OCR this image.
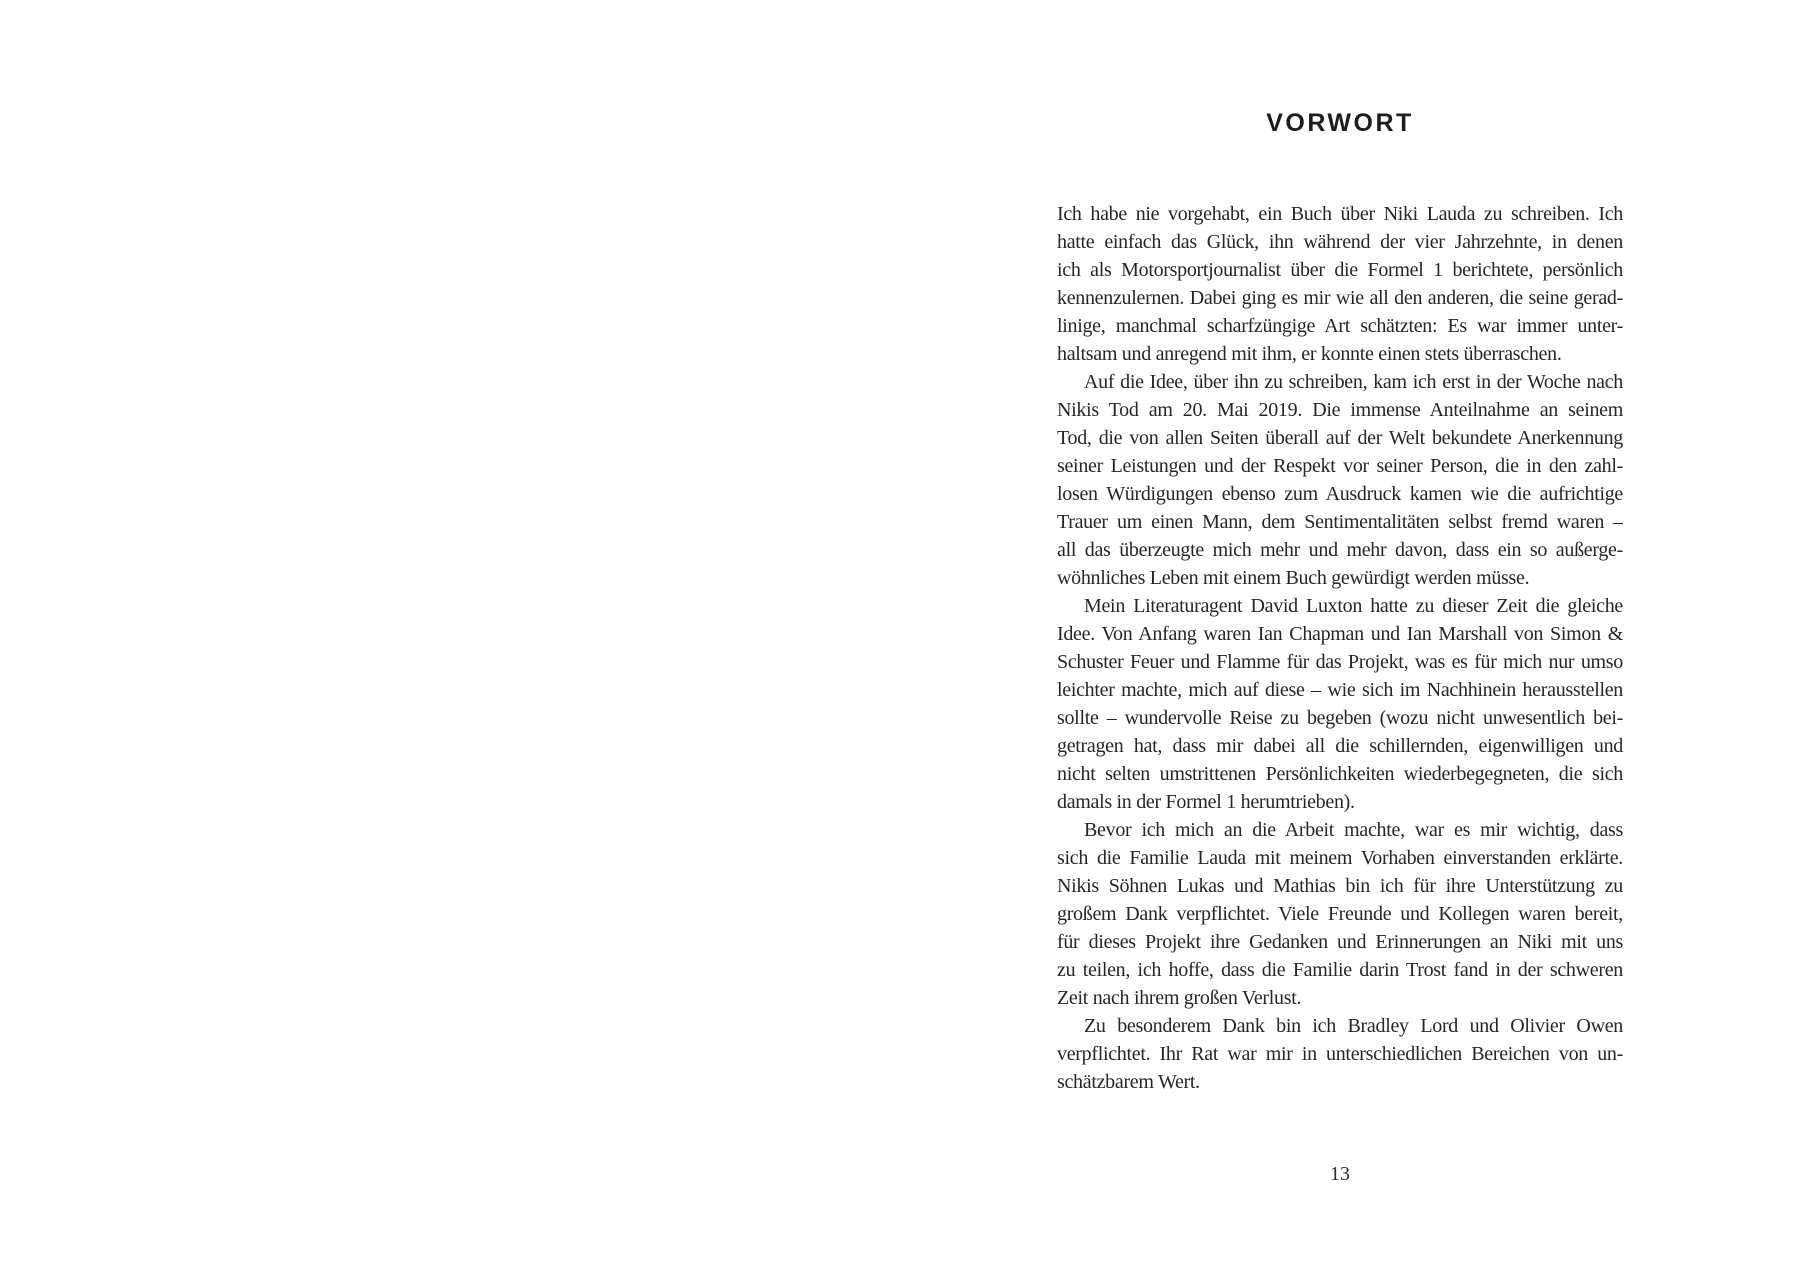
VORWORT
Ich habe nie vorgehabt, ein Buch über Niki Lauda zu schreiben. Ich
hatte einfach das Glück, ihn während der vier Jahrzehnte, in denen
ich als Motorsportjournalist über die Formel 1 berichtete, persönlich
kennenzulernen. Dabei ging es mir wie all den anderen, die seine gerad-
linige, manchmal scharfzüngige Art schätzten: Es war immer unter-
haltsam und anregend mit ihm, er konnte einen stets überraschen.
Auf die Idee, über ihn zu schreiben, kam ich erst in der Woche nach
Nikis Tod am 20. Mai 2019. Die immense Anteilnahme an seinem
Tod, die von allen Seiten überall auf der Welt bekundete Anerkennung
seiner Leistungen und der Respekt vor seiner Person, die in den zahl-
losen Würdigungen ebenso zum Ausdruck kamen wie die aufrichtige
Trauer um einen Mann, dem Sentimentalitäten selbst fremd waren –
all das überzeugte mich mehr und mehr davon, dass ein so außerge-
wöhnliches Leben mit einem Buch gewürdigt werden müsse.
Mein Literaturagent David Luxton hatte zu dieser Zeit die gleiche
Idee. Von Anfang waren Ian Chapman und Ian Marshall von Simon &
Schuster Feuer und Flamme für das Projekt, was es für mich nur umso
leichter machte, mich auf diese – wie sich im Nachhinein herausstellen
sollte – wundervolle Reise zu begeben (wozu nicht unwesentlich bei-
getragen hat, dass mir dabei all die schillernden, eigenwilligen und
nicht selten umstrittenen Persönlichkeiten wiederbegegneten, die sich
damals in der Formel 1 herumtrieben).
Bevor ich mich an die Arbeit machte, war es mir wichtig, dass
sich die Familie Lauda mit meinem Vorhaben einverstanden erklärte.
Nikis Söhnen Lukas und Mathias bin ich für ihre Unterstützung zu
großem Dank verpflichtet. Viele Freunde und Kollegen waren bereit,
für dieses Projekt ihre Gedanken und Erinnerungen an Niki mit uns
zu teilen, ich hoffe, dass die Familie darin Trost fand in der schweren
Zeit nach ihrem großen Verlust.
Zu besonderem Dank bin ich Bradley Lord und Olivier Owen
verpflichtet. Ihr Rat war mir in unterschiedlichen Bereichen von un-
schätzbarem Wert.
13
